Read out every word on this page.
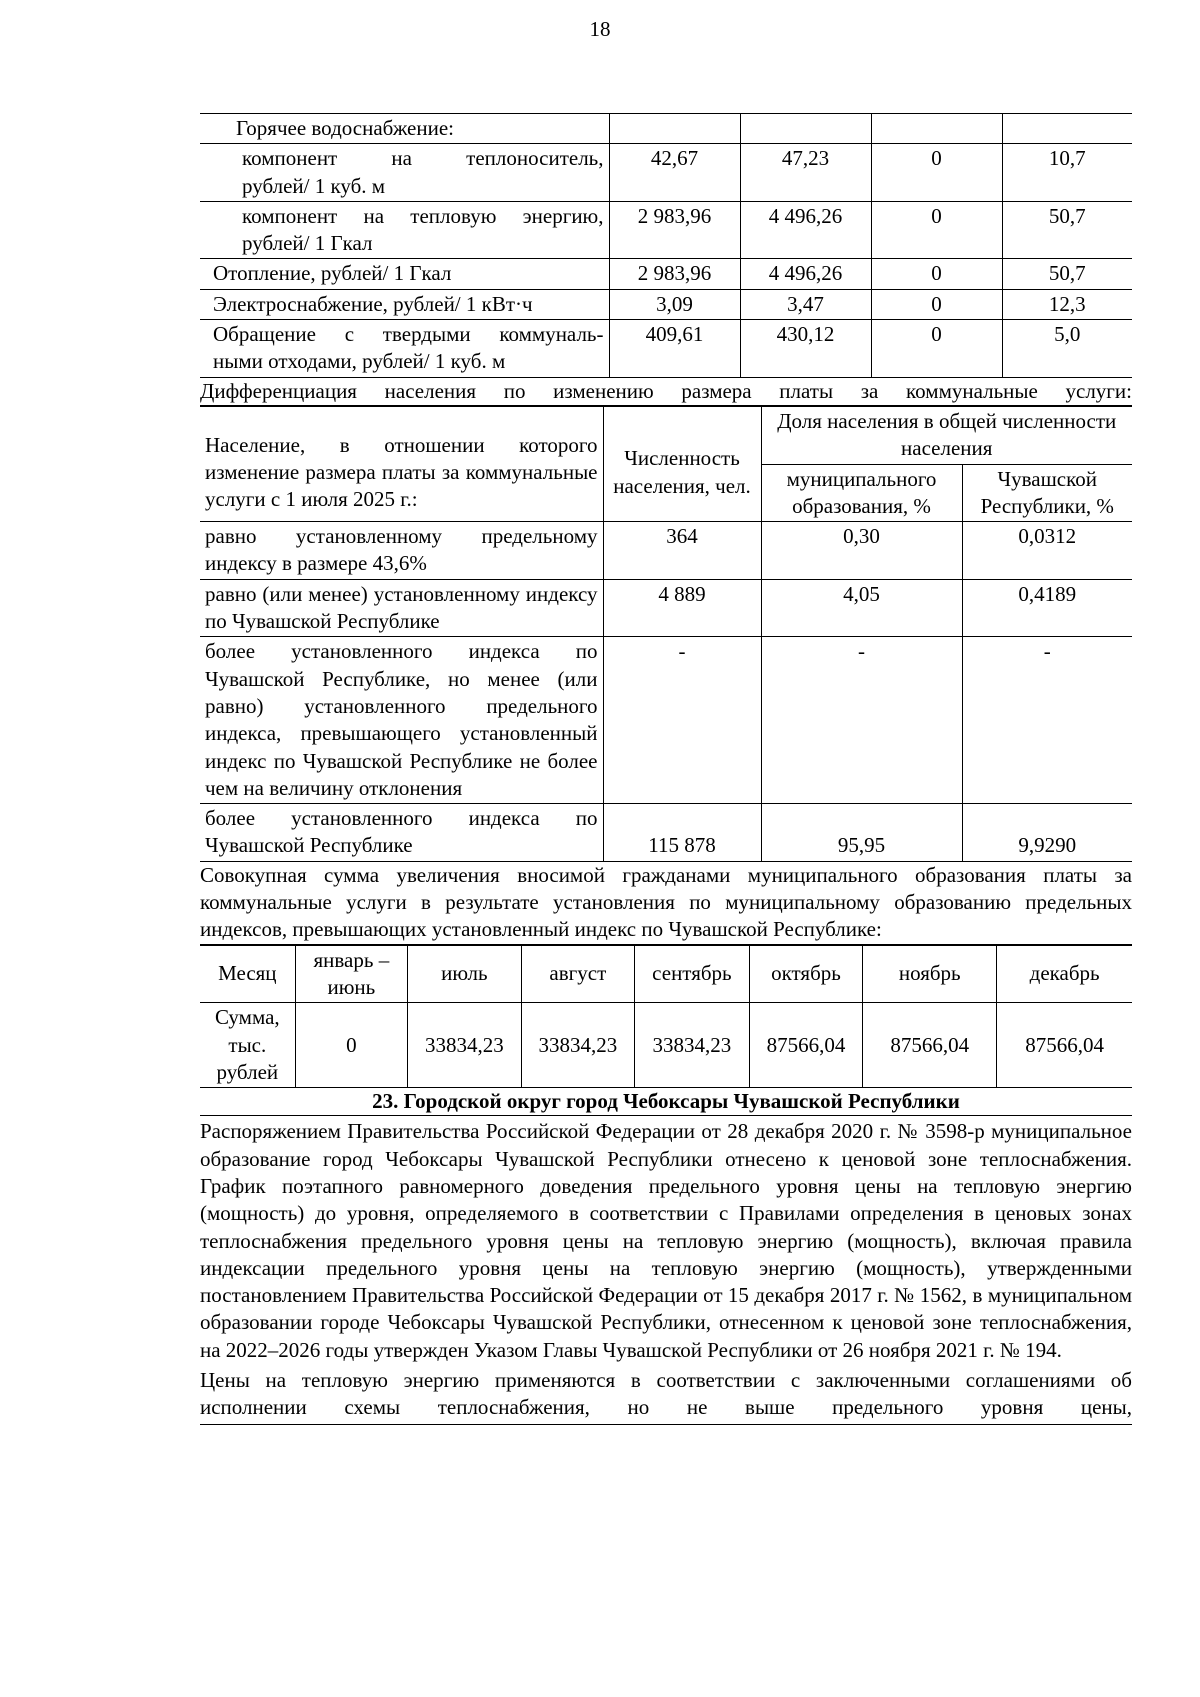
18
Горячее водоснабжение:				

компонент на теплоноситель,
рублей/ 1 куб. м	42,67	47,23	0	10,7

компонент на тепловую энергию,
рублей/ 1 Гкал	2 983,96	4 496,26	0	50,7
Отопление, рублей/ 1 Гкал	2 983,96	4 496,26	0	50,7
Электроснабжение, рублей/ 1 кВт·ч	3,09	3,47	0	12,3

Обращение с твердыми коммуналь-
ными отходами, рублей/ 1 куб. м	409,61	430,12	0	5,0
Дифференциация населения по изменению размера платы за коммунальные услуги:
Население, в отношении которого изменение размера платы за коммунальные услуги с 1 июля 2025 г.:	Численность населения, чел.	Доля населения в общей численности населения	
		муниципального образования, %	Чувашской Республики, %
равно установленному предельному индексу в размере 43,6%	364	0,30	0,0312
равно (или менее) установленному индексу по Чувашской Республике	4 889	4,05	0,4189
более установленного индекса по Чувашской Республике, но менее (или равно) установленного предельного индекса, превышающего установленный индекс по Чувашской Республике не более чем на величину отклонения	-	-	-
более установленного индекса по Чувашской Республике	115 878	95,95	9,9290

Совокупная сумма увеличения вносимой гражданами муниципального образования платы за коммунальные услуги в результате установления по муниципальному образованию предельных индексов, превышающих установленный индекс по Чувашской Республике:

Месяц	январь – июнь	июль	август	сентябрь	октябрь	ноябрь	декабрь
Сумма, тыс. рублей	0	33834,23	33834,23	33834,23	87566,04	87566,04	87566,04

23. Городской округ город Чебоксары Чувашской Республики

Распоряжением Правительства Российской Федерации от 28 декабря 2020 г. № 3598-р муниципальное образование город Чебоксары Чувашской Республики отнесено к ценовой зоне теплоснабжения. График поэтапного равномерного доведения предельного уровня цены на тепловую энергию (мощность) до уровня, определяемого в соответствии с Правилами определения в ценовых зонах теплоснабжения предельного уровня цены на тепловую энергию (мощность), включая правила индексации предельного уровня цены на тепловую энергию (мощность), утвержденными постановлением Правительства Российской Федерации от 15 декабря 2017 г. № 1562, в муниципальном образовании городе Чебоксары Чувашской Республики, отнесенном к ценовой зоне теплоснабжения, на 2022–2026 годы утвержден Указом Главы Чувашской Республики от 26 ноября 2021 г. № 194.

Цены на тепловую энергию применяются в соответствии с заключенными соглашениями об исполнении схемы теплоснабжения, но не выше предельного уровня цены,
